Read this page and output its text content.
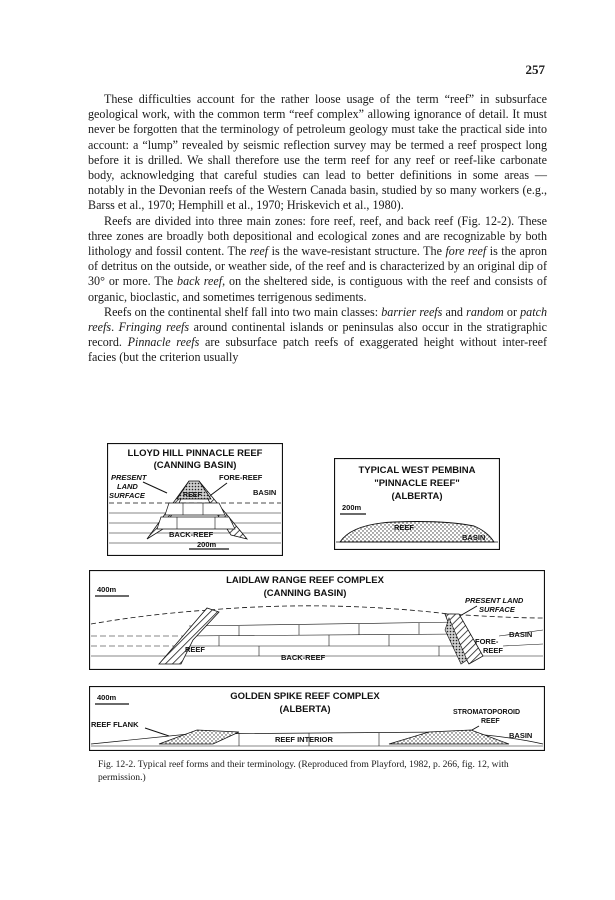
257

These difficulties account for the rather loose usage of the term “reef” in subsurface geological work, with the common term “reef complex” allowing ignorance of detail. It must never be forgotten that the terminology of petroleum geology must take the practical side into account: a “lump” revealed by seismic reflection survey may be termed a reef prospect long before it is drilled. We shall therefore use the term reef for any reef or reef-like carbonate body, acknowledging that careful studies can lead to better definitions in some areas — notably in the Devonian reefs of the Western Canada basin, studied by so many workers (e.g., Barss et al., 1970; Hemphill et al., 1970; Hriskevich et al., 1980).

Reefs are divided into three main zones: fore reef, reef, and back reef (Fig. 12-2). These three zones are broadly both depositional and ecological zones and are recognizable by both lithology and fossil content. The reef is the wave-resistant structure. The fore reef is the apron of detritus on the outside, or weather side, of the reef and is characterized by an original dip of 30° or more. The back reef, on the sheltered side, is contiguous with the reef and consists of organic, bioclastic, and sometimes terrigenous sediments.

Reefs on the continental shelf fall into two main classes: barrier reefs and random or patch reefs. Fringing reefs around continental islands or peninsulas also occur in the stratigraphic record. Pinnacle reefs are subsurface patch reefs of exaggerated height without inter-reef facies (but the criterion usually

LLOYD HILL PINNACLE REEF
(CANNING BASIN)
PRESENT
LAND
SURFACE
FORE-REEF
BASIN
REEF
BACK-REEF
200m
TYPICAL WEST PEMBINA
"PINNACLE REEF"
(ALBERTA)
200m
REEF
BASIN
LAIDLAW RANGE REEF COMPLEX
(CANNING BASIN)
400m
PRESENT LAND
SURFACE
REEF
BACK-REEF
FORE-
REEF
BASIN
GOLDEN SPIKE REEF COMPLEX
(ALBERTA)
400m
REEF FLANK
STROMATOPOROID
REEF
REEF INTERIOR	BASIN
Fig. 12-2. Typical reef forms and their terminology. (Reproduced from Playford, 1982, p. 266, fig. 12, with permission.)
